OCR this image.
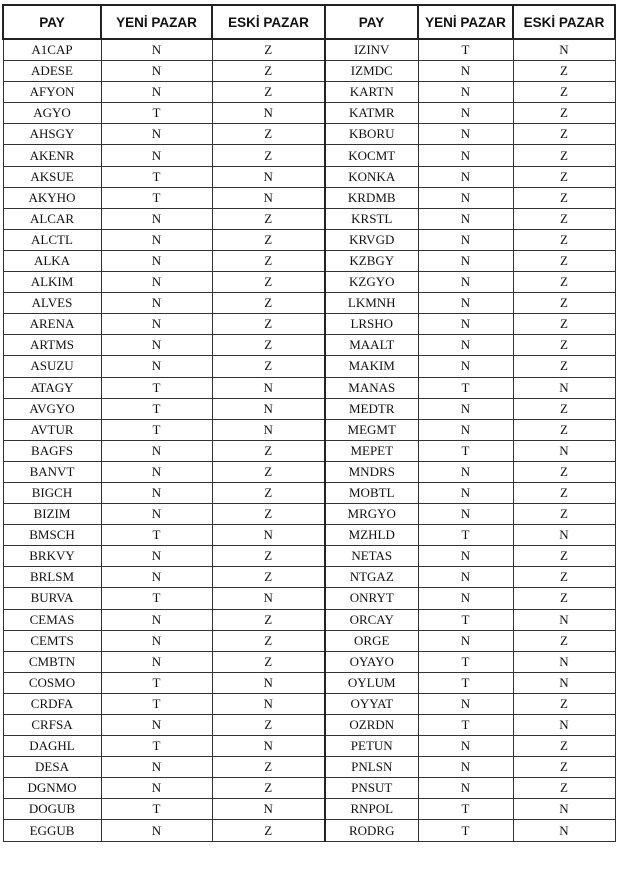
PAY	YENİ PAZAR	ESKİ PAZAR	PAY	YENİ PAZAR	ESKİ PAZAR
A1CAP	N	Z	IZINV	T	N
ADESE	N	Z	IZMDC	N	Z
AFYON	N	Z	KARTN	N	Z
AGYO	T	N	KATMR	N	Z
AHSGY	N	Z	KBORU	N	Z
AKENR	N	Z	KOCMT	N	Z
AKSUE	T	N	KONKA	N	Z
AKYHO	T	N	KRDMB	N	Z
ALCAR	N	Z	KRSTL	N	Z
ALCTL	N	Z	KRVGD	N	Z
ALKA	N	Z	KZBGY	N	Z
ALKIM	N	Z	KZGYO	N	Z
ALVES	N	Z	LKMNH	N	Z
ARENA	N	Z	LRSHO	N	Z
ARTMS	N	Z	MAALT	N	Z
ASUZU	N	Z	MAKIM	N	Z
ATAGY	T	N	MANAS	T	N
AVGYO	T	N	MEDTR	N	Z
AVTUR	T	N	MEGMT	N	Z
BAGFS	N	Z	MEPET	T	N
BANVT	N	Z	MNDRS	N	Z
BIGCH	N	Z	MOBTL	N	Z
BIZIM	N	Z	MRGYO	N	Z
BMSCH	T	N	MZHLD	T	N
BRKVY	N	Z	NETAS	N	Z
BRLSM	N	Z	NTGAZ	N	Z
BURVA	T	N	ONRYT	N	Z
CEMAS	N	Z	ORCAY	T	N
CEMTS	N	Z	ORGE	N	Z
CMBTN	N	Z	OYAYO	T	N
COSMO	T	N	OYLUM	T	N
CRDFA	T	N	OYYAT	N	Z
CRFSA	N	Z	OZRDN	T	N
DAGHL	T	N	PETUN	N	Z
DESA	N	Z	PNLSN	N	Z
DGNMO	N	Z	PNSUT	N	Z
DOGUB	T	N	RNPOL	T	N
EGGUB	N	Z	RODRG	T	N
